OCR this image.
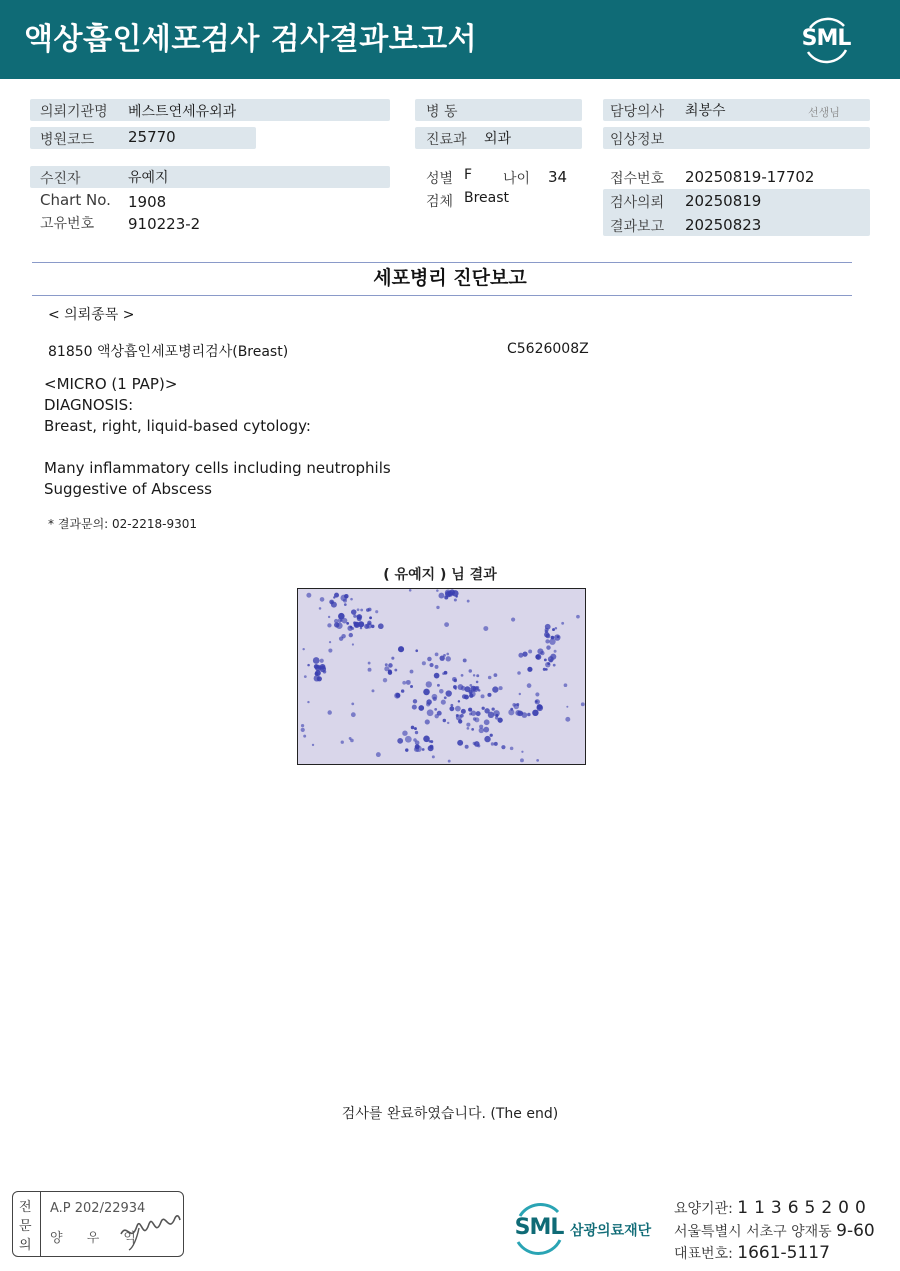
액상흡인세포검사 검사결과보고서	SML
의뢰기관명 베스트연세유외과
병원코드 25770
수진자	유예지
Chart No. 1908
고유번호 910223-2
병 동
진료과 외과
성별 F 나이 34
검체 Breast
담당의사 최봉수	선생님
임상정보
접수번호 20250819-17702
검사의뢰 20250819
결과보고 20250823
세포병리 진단보고
< 의뢰종목 >
81850 액상흡인세포병리검사(Breast)	C5626008Z
<MICRO (1 PAP)>
DIAGNOSIS:
Breast, right, liquid-based cytology:
Many inflammatory cells including neutrophils
Suggestive of Abscess
* 결과문의: 02-2218-9301
( 유예지 ) 님 결과
검사를 완료하였습니다. (The end)
전
문
의
A.P 202/22934
양 우 익	SML 삼광의료재단
요양기관: 11365200
서울특별시 서초구 양재동 9-60
대표번호: 1661-5117
